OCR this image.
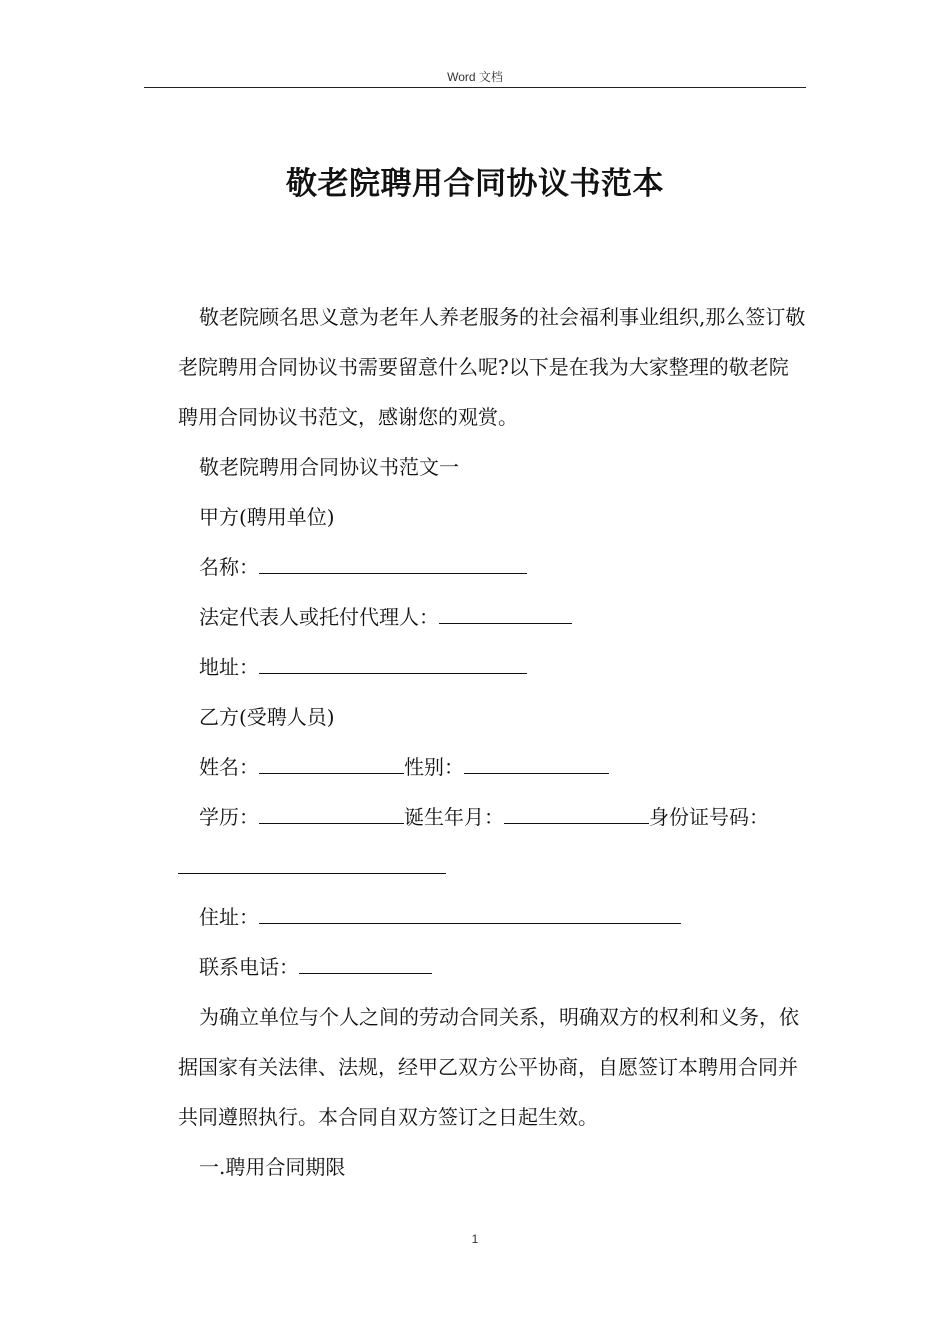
Word 文档
敬老院聘用合同协议书范本

敬老院顾名思义意为老年人养老服务的社会福利事业组织,那么签订敬老院聘用合同协议书需要留意什么呢?以下是在我为大家整理的敬老院聘用合同协议书范文，感谢您的观赏。

敬老院聘用合同协议书范文一

甲方(聘用单位)

名称：

法定代表人或托付代理人：

地址：

乙方(受聘人员)

姓名：	性别：

学历：	诞生年月：	身份证号码：

住址：

联系电话：

为确立单位与个人之间的劳动合同关系，明确双方的权利和义务，依据国家有关法律、法规，经甲乙双方公平协商，自愿签订本聘用合同并共同遵照执行。本合同自双方签订之日起生效。

一.聘用合同期限

1
